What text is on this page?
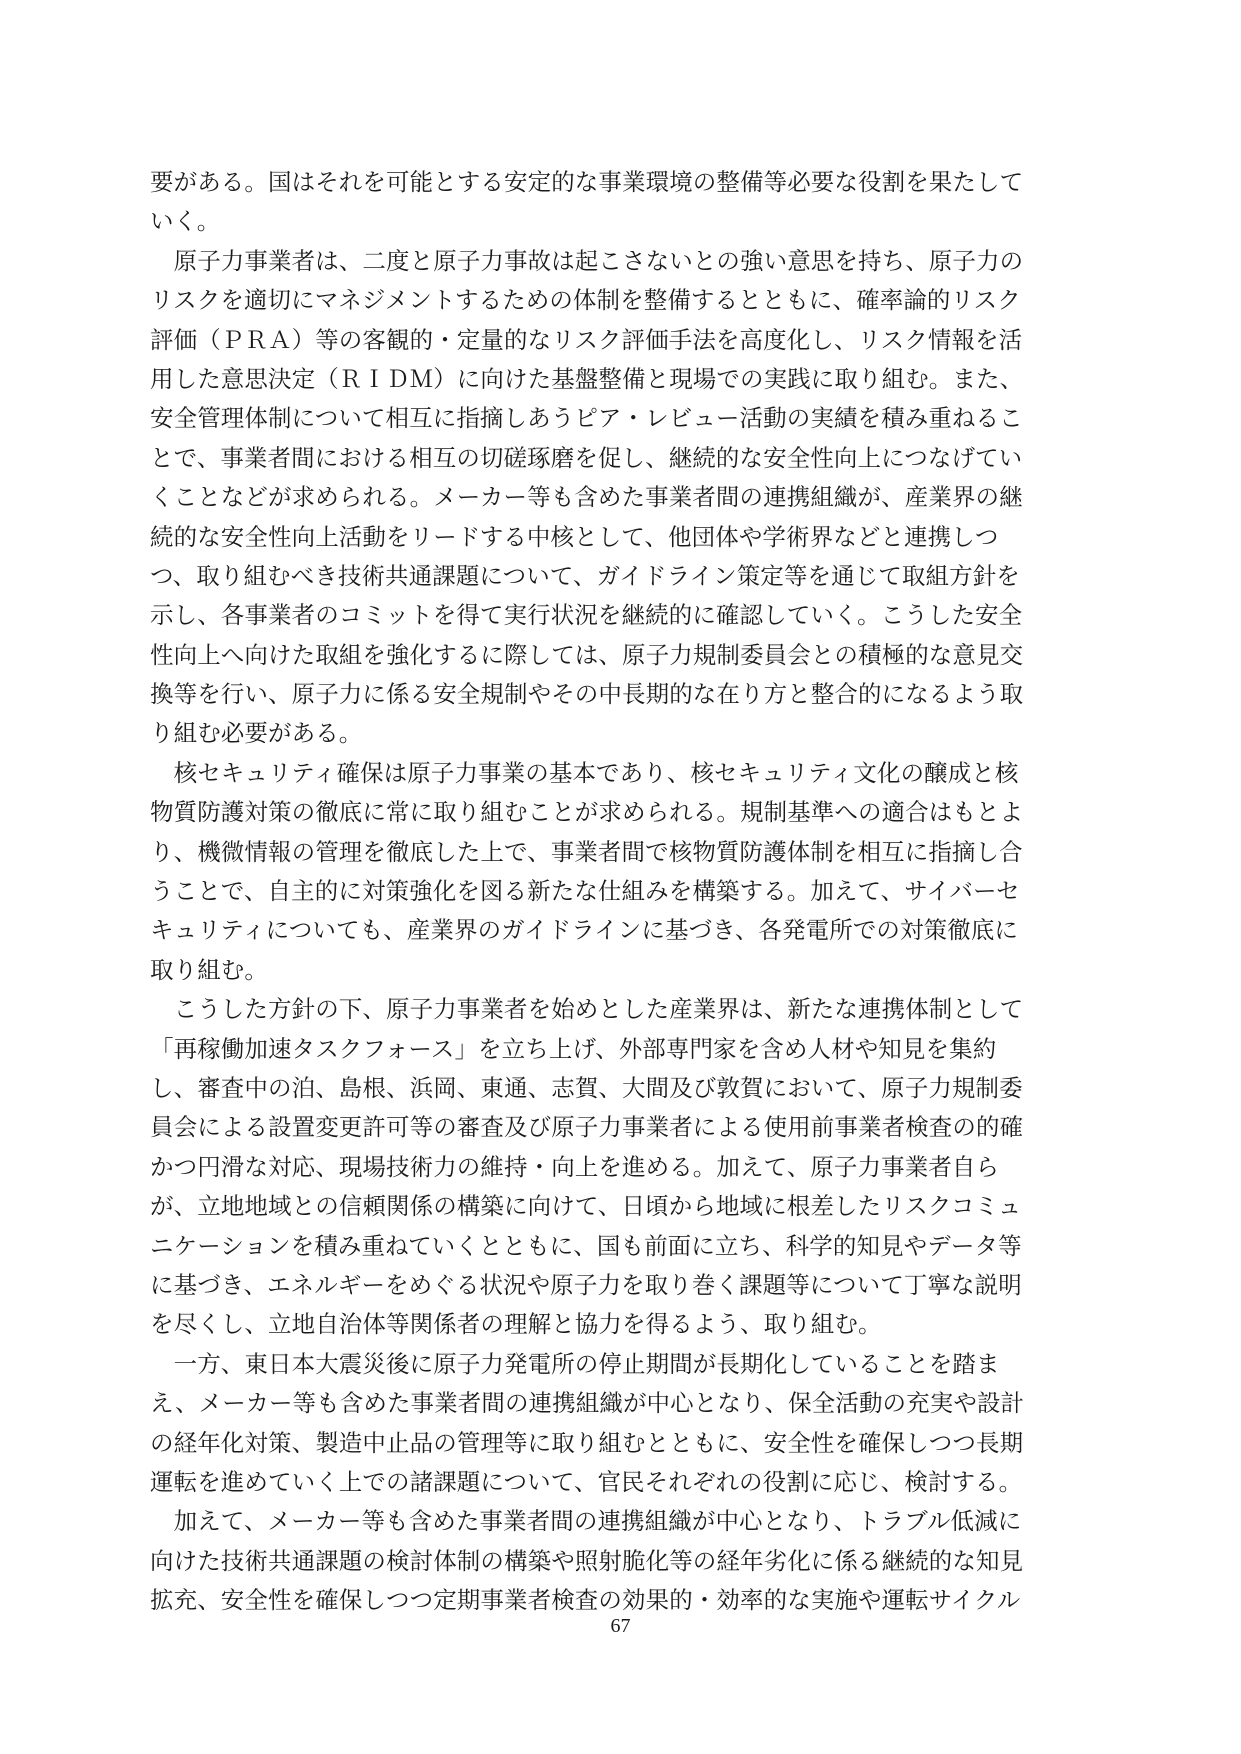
要がある。国はそれを可能とする安定的な事業環境の整備等必要な役割を果たして
いく。
　原子力事業者は、二度と原子力事故は起こさないとの強い意思を持ち、原子力の
リスクを適切にマネジメントするための体制を整備するとともに、確率論的リスク
評価（ＰＲＡ）等の客観的・定量的なリスク評価手法を高度化し、リスク情報を活
用した意思決定（ＲＩＤＭ）に向けた基盤整備と現場での実践に取り組む。また、
安全管理体制について相互に指摘しあうピア・レビュー活動の実績を積み重ねるこ
とで、事業者間における相互の切磋琢磨を促し、継続的な安全性向上につなげてい
くことなどが求められる。メーカー等も含めた事業者間の連携組織が、産業界の継
続的な安全性向上活動をリードする中核として、他団体や学術界などと連携しつ
つ、取り組むべき技術共通課題について、ガイドライン策定等を通じて取組方針を
示し、各事業者のコミットを得て実行状況を継続的に確認していく。こうした安全
性向上へ向けた取組を強化するに際しては、原子力規制委員会との積極的な意見交
換等を行い、原子力に係る安全規制やその中長期的な在り方と整合的になるよう取
り組む必要がある。
　核セキュリティ確保は原子力事業の基本であり、核セキュリティ文化の醸成と核
物質防護対策の徹底に常に取り組むことが求められる。規制基準への適合はもとよ
り、機微情報の管理を徹底した上で、事業者間で核物質防護体制を相互に指摘し合
うことで、自主的に対策強化を図る新たな仕組みを構築する。加えて、サイバーセ
キュリティについても、産業界のガイドラインに基づき、各発電所での対策徹底に
取り組む。
　こうした方針の下、原子力事業者を始めとした産業界は、新たな連携体制として
「再稼働加速タスクフォース」を立ち上げ、外部専門家を含め人材や知見を集約
し、審査中の泊、島根、浜岡、東通、志賀、大間及び敦賀において、原子力規制委
員会による設置変更許可等の審査及び原子力事業者による使用前事業者検査の的確
かつ円滑な対応、現場技術力の維持・向上を進める。加えて、原子力事業者自ら
が、立地地域との信頼関係の構築に向けて、日頃から地域に根差したリスクコミュ
ニケーションを積み重ねていくとともに、国も前面に立ち、科学的知見やデータ等
に基づき、エネルギーをめぐる状況や原子力を取り巻く課題等について丁寧な説明
を尽くし、立地自治体等関係者の理解と協力を得るよう、取り組む。
　一方、東日本大震災後に原子力発電所の停止期間が長期化していることを踏ま
え、メーカー等も含めた事業者間の連携組織が中心となり、保全活動の充実や設計
の経年化対策、製造中止品の管理等に取り組むとともに、安全性を確保しつつ長期
運転を進めていく上での諸課題について、官民それぞれの役割に応じ、検討する。
　加えて、メーカー等も含めた事業者間の連携組織が中心となり、トラブル低減に
向けた技術共通課題の検討体制の構築や照射脆化等の経年劣化に係る継続的な知見
拡充、安全性を確保しつつ定期事業者検査の効果的・効率的な実施や運転サイクル
67
